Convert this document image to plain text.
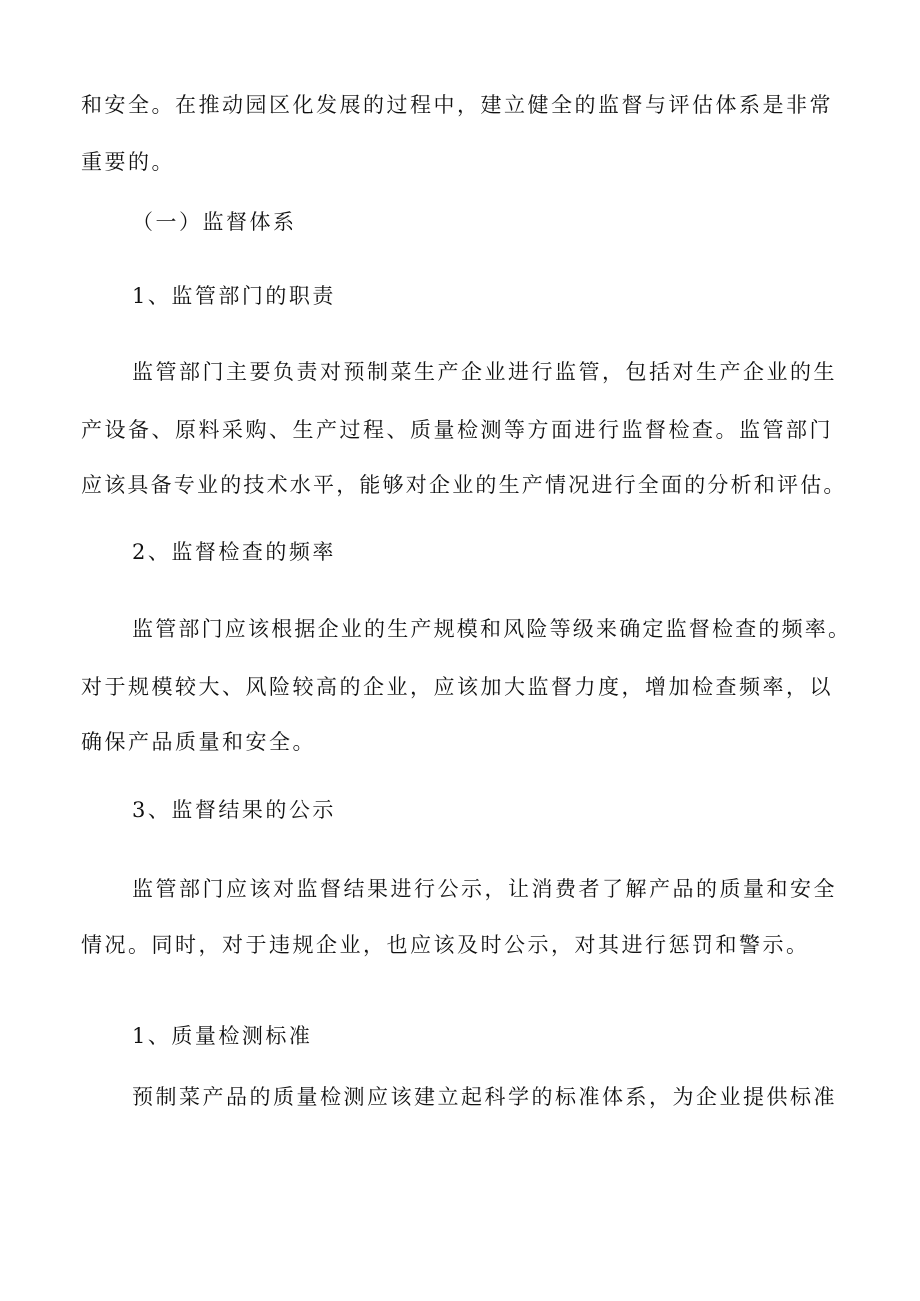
和安全。在推动园区化发展的过程中，建立健全的监督与评估体系是非常
重要的。
（一）监督体系
1、监管部门的职责
监管部门主要负责对预制菜生产企业进行监管，包括对生产企业的生
产设备、原料采购、生产过程、质量检测等方面进行监督检查。监管部门
应该具备专业的技术水平，能够对企业的生产情况进行全面的分析和评估。
2、监督检查的频率
监管部门应该根据企业的生产规模和风险等级来确定监督检查的频率。
对于规模较大、风险较高的企业，应该加大监督力度，增加检查频率，以
确保产品质量和安全。
3、监督结果的公示
监管部门应该对监督结果进行公示，让消费者了解产品的质量和安全
情况。同时，对于违规企业，也应该及时公示，对其进行惩罚和警示。
1、质量检测标准
预制菜产品的质量检测应该建立起科学的标准体系，为企业提供标准
